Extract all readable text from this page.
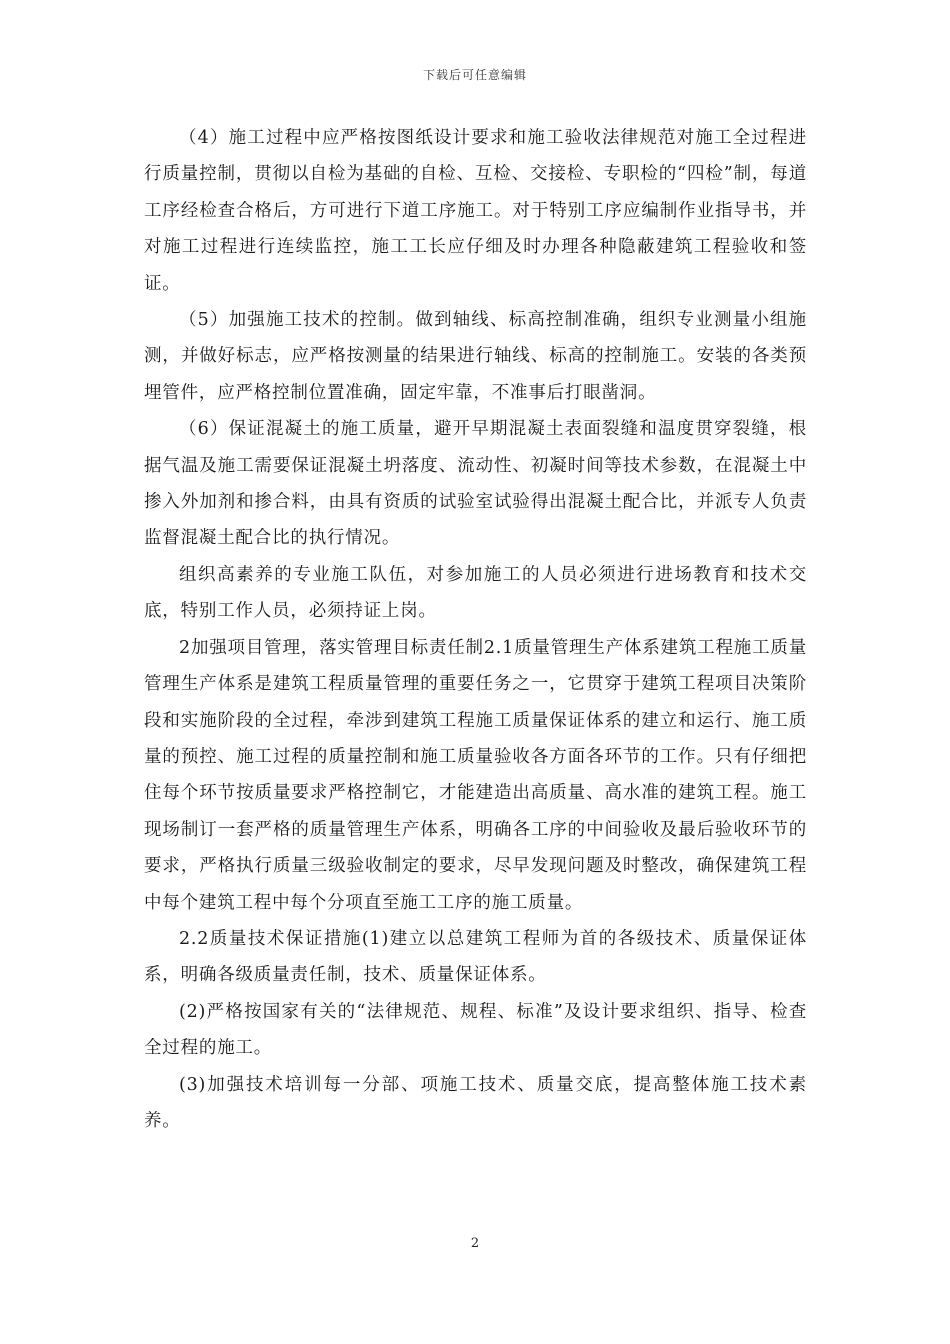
下载后可任意编辑

（4）施工过程中应严格按图纸设计要求和施工验收法律规范对施工全过程进行质量控制，贯彻以自检为基础的自检、互检、交接检、专职检的“四检”制，每道工序经检查合格后，方可进行下道工序施工。对于特别工序应编制作业指导书，并对施工过程进行连续监控，施工工长应仔细及时办理各种隐蔽建筑工程验收和签证。

（5）加强施工技术的控制。做到轴线、标高控制准确，组织专业测量小组施测，并做好标志，应严格按测量的结果进行轴线、标高的控制施工。安装的各类预埋管件，应严格控制位置准确，固定牢靠，不准事后打眼凿洞。

（6）保证混凝土的施工质量，避开早期混凝土表面裂缝和温度贯穿裂缝，根据气温及施工需要保证混凝土坍落度、流动性、初凝时间等技术参数，在混凝土中掺入外加剂和掺合料，由具有资质的试验室试验得出混凝土配合比，并派专人负责监督混凝土配合比的执行情况。

组织高素养的专业施工队伍，对参加施工的人员必须进行进场教育和技术交底，特别工作人员，必须持证上岗。

2加强项目管理，落实管理目标责任制2.1质量管理生产体系建筑工程施工质量管理生产体系是建筑工程质量管理的重要任务之一，它贯穿于建筑工程项目决策阶段和实施阶段的全过程，牵涉到建筑工程施工质量保证体系的建立和运行、施工质量的预控、施工过程的质量控制和施工质量验收各方面各环节的工作。只有仔细把住每个环节按质量要求严格控制它，才能建造出高质量、高水准的建筑工程。施工现场制订一套严格的质量管理生产体系，明确各工序的中间验收及最后验收环节的要求，严格执行质量三级验收制定的要求，尽早发现问题及时整改，确保建筑工程中每个建筑工程中每个分项直至施工工序的施工质量。

2.2质量技术保证措施(1)建立以总建筑工程师为首的各级技术、质量保证体系，明确各级质量责任制，技术、质量保证体系。

(2)严格按国家有关的“法律规范、规程、标准”及设计要求组织、指导、检查全过程的施工。

(3)加强技术培训每一分部、项施工技术、质量交底，提高整体施工技术素养。

2
